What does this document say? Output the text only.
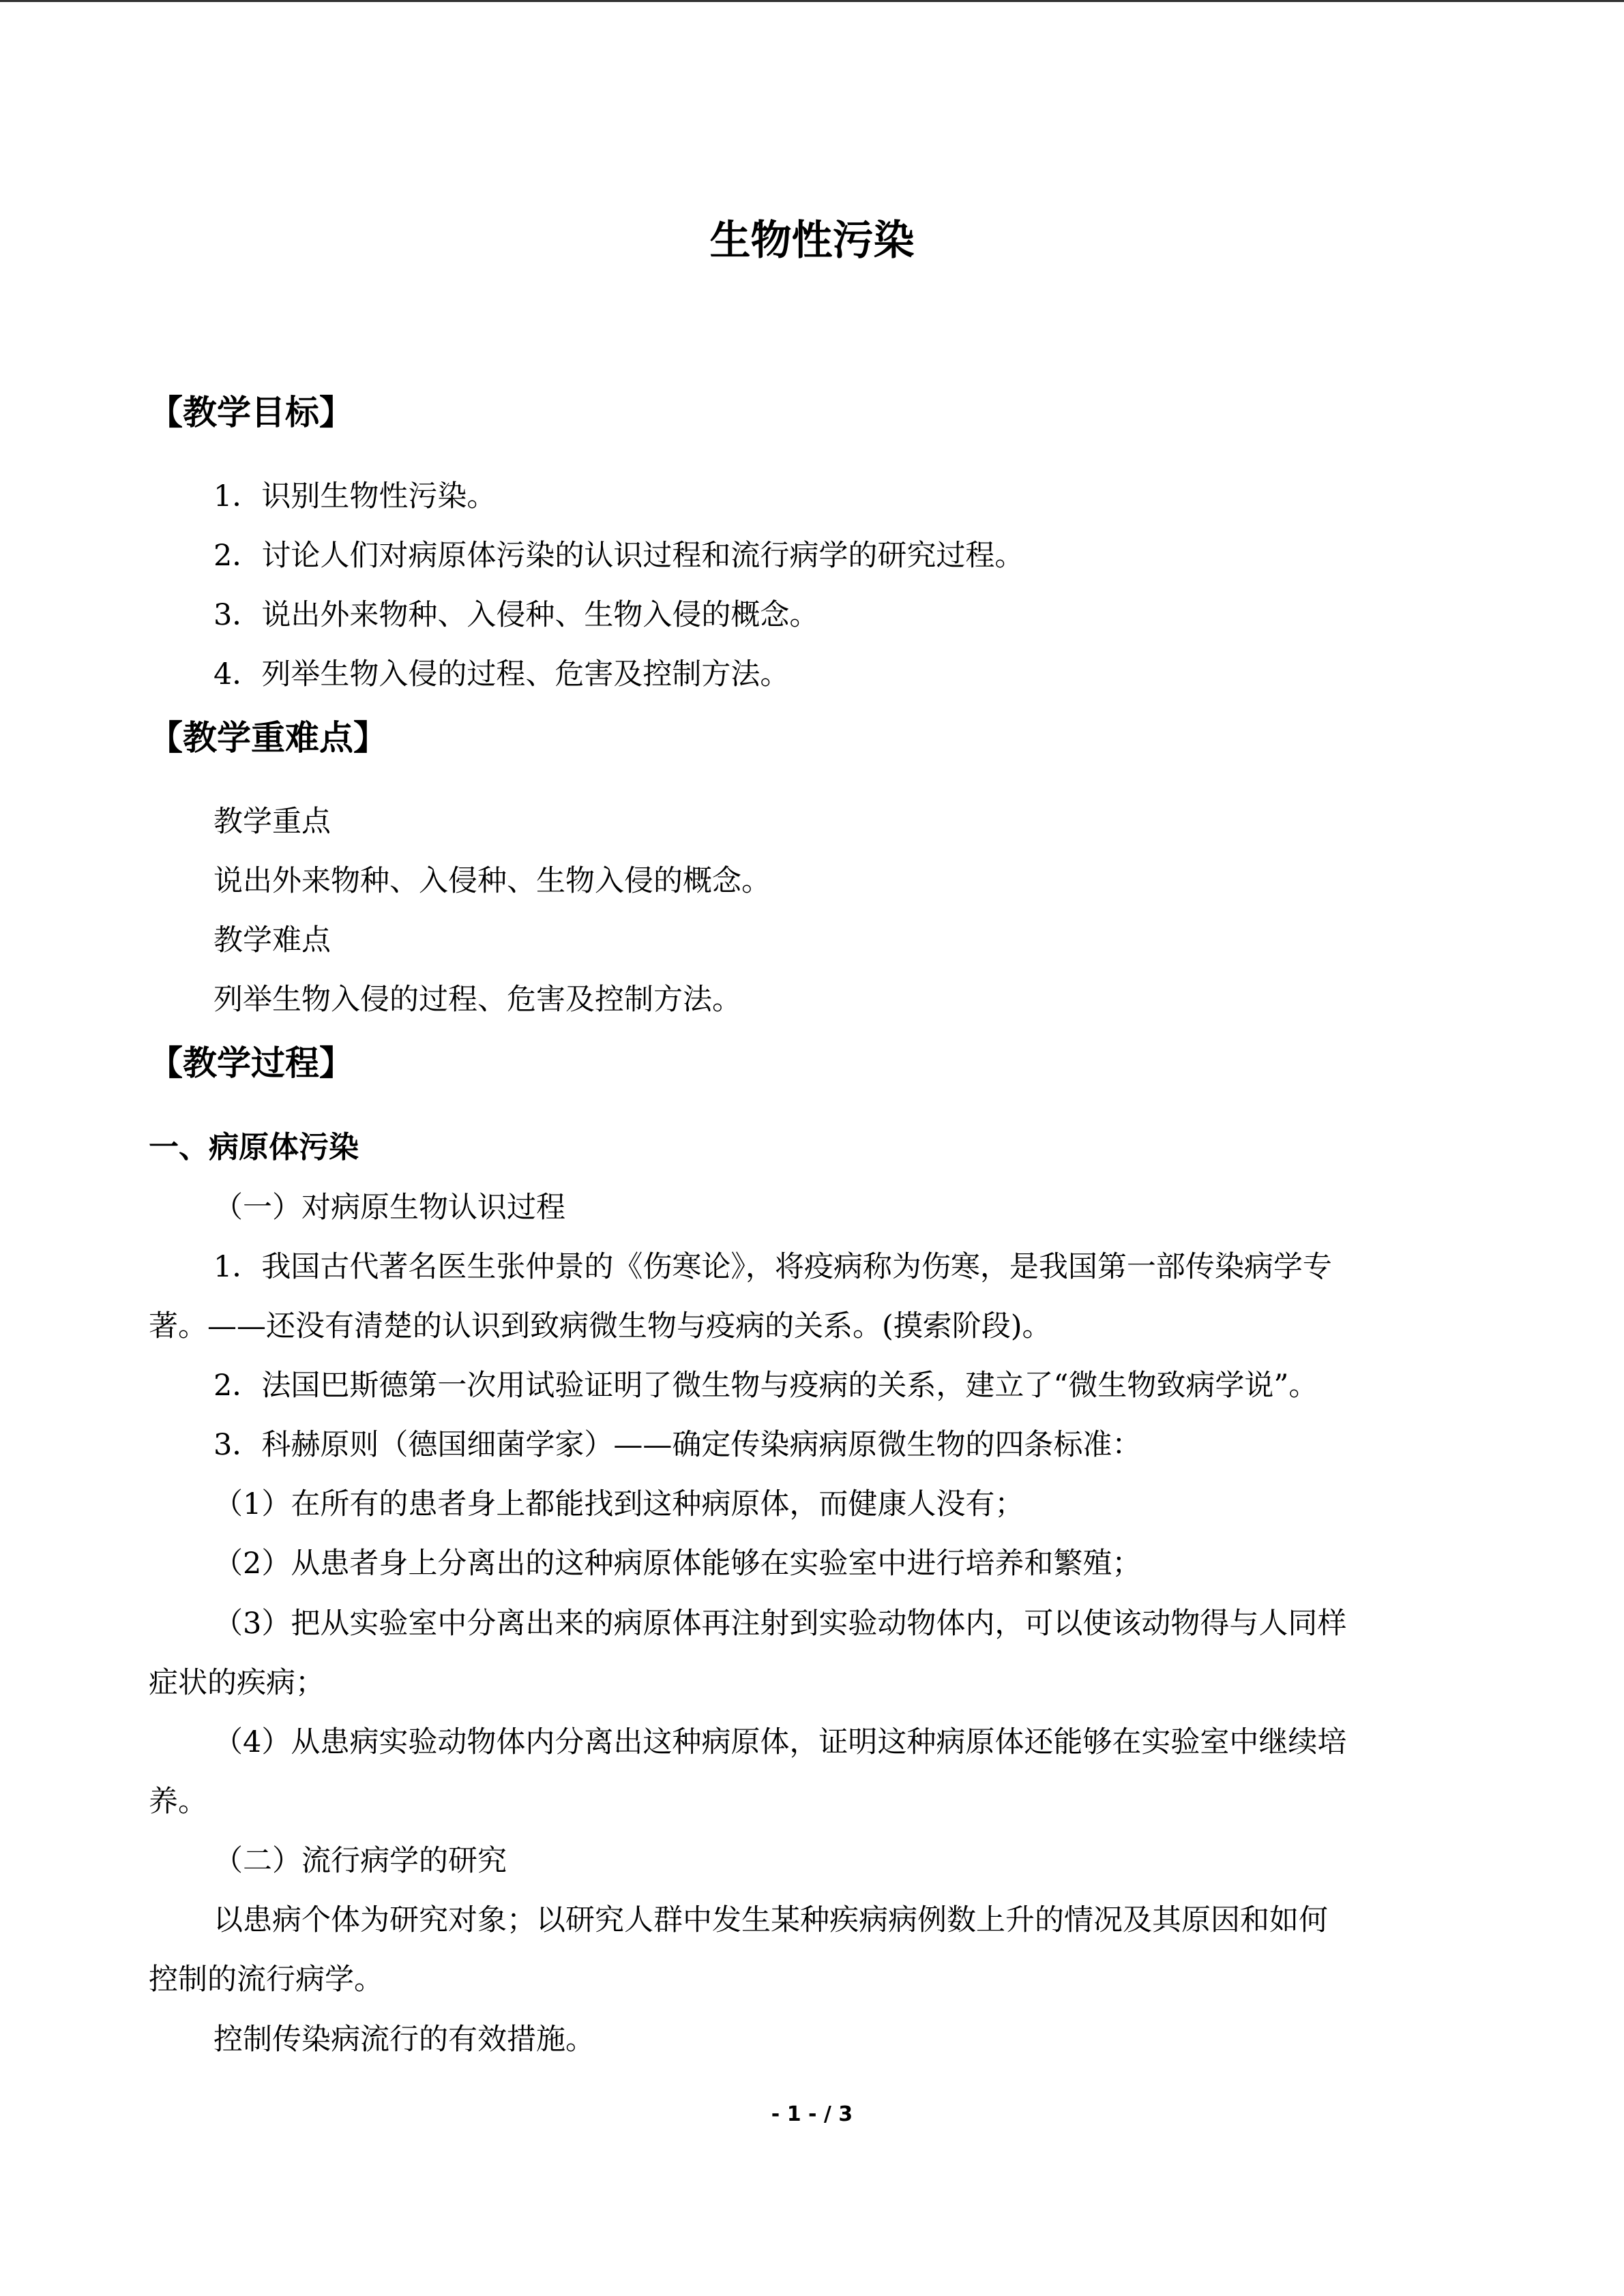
生物性污染
【教学目标】
1．识别生物性污染。
2．讨论人们对病原体污染的认识过程和流行病学的研究过程。
3．说出外来物种、入侵种、生物入侵的概念。
4．列举生物入侵的过程、危害及控制方法。
【教学重难点】
教学重点
说出外来物种、入侵种、生物入侵的概念。
教学难点
列举生物入侵的过程、危害及控制方法。
【教学过程】
一、病原体污染
（一）对病原生物认识过程
1．我国古代著名医生张仲景的《伤寒论》，将疫病称为伤寒，是我国第一部传染病学专
著。——还没有清楚的认识到致病微生物与疫病的关系。(摸索阶段)。
2．法国巴斯德第一次用试验证明了微生物与疫病的关系，建立了“微生物致病学说”。
3．科赫原则（德国细菌学家）——确定传染病病原微生物的四条标准：
（1）在所有的患者身上都能找到这种病原体，而健康人没有；
（2）从患者身上分离出的这种病原体能够在实验室中进行培养和繁殖；
（3）把从实验室中分离出来的病原体再注射到实验动物体内，可以使该动物得与人同样
症状的疾病；
（4）从患病实验动物体内分离出这种病原体，证明这种病原体还能够在实验室中继续培
养。
（二）流行病学的研究
以患病个体为研究对象；以研究人群中发生某种疾病病例数上升的情况及其原因和如何
控制的流行病学。
控制传染病流行的有效措施。
- 1 - / 3
